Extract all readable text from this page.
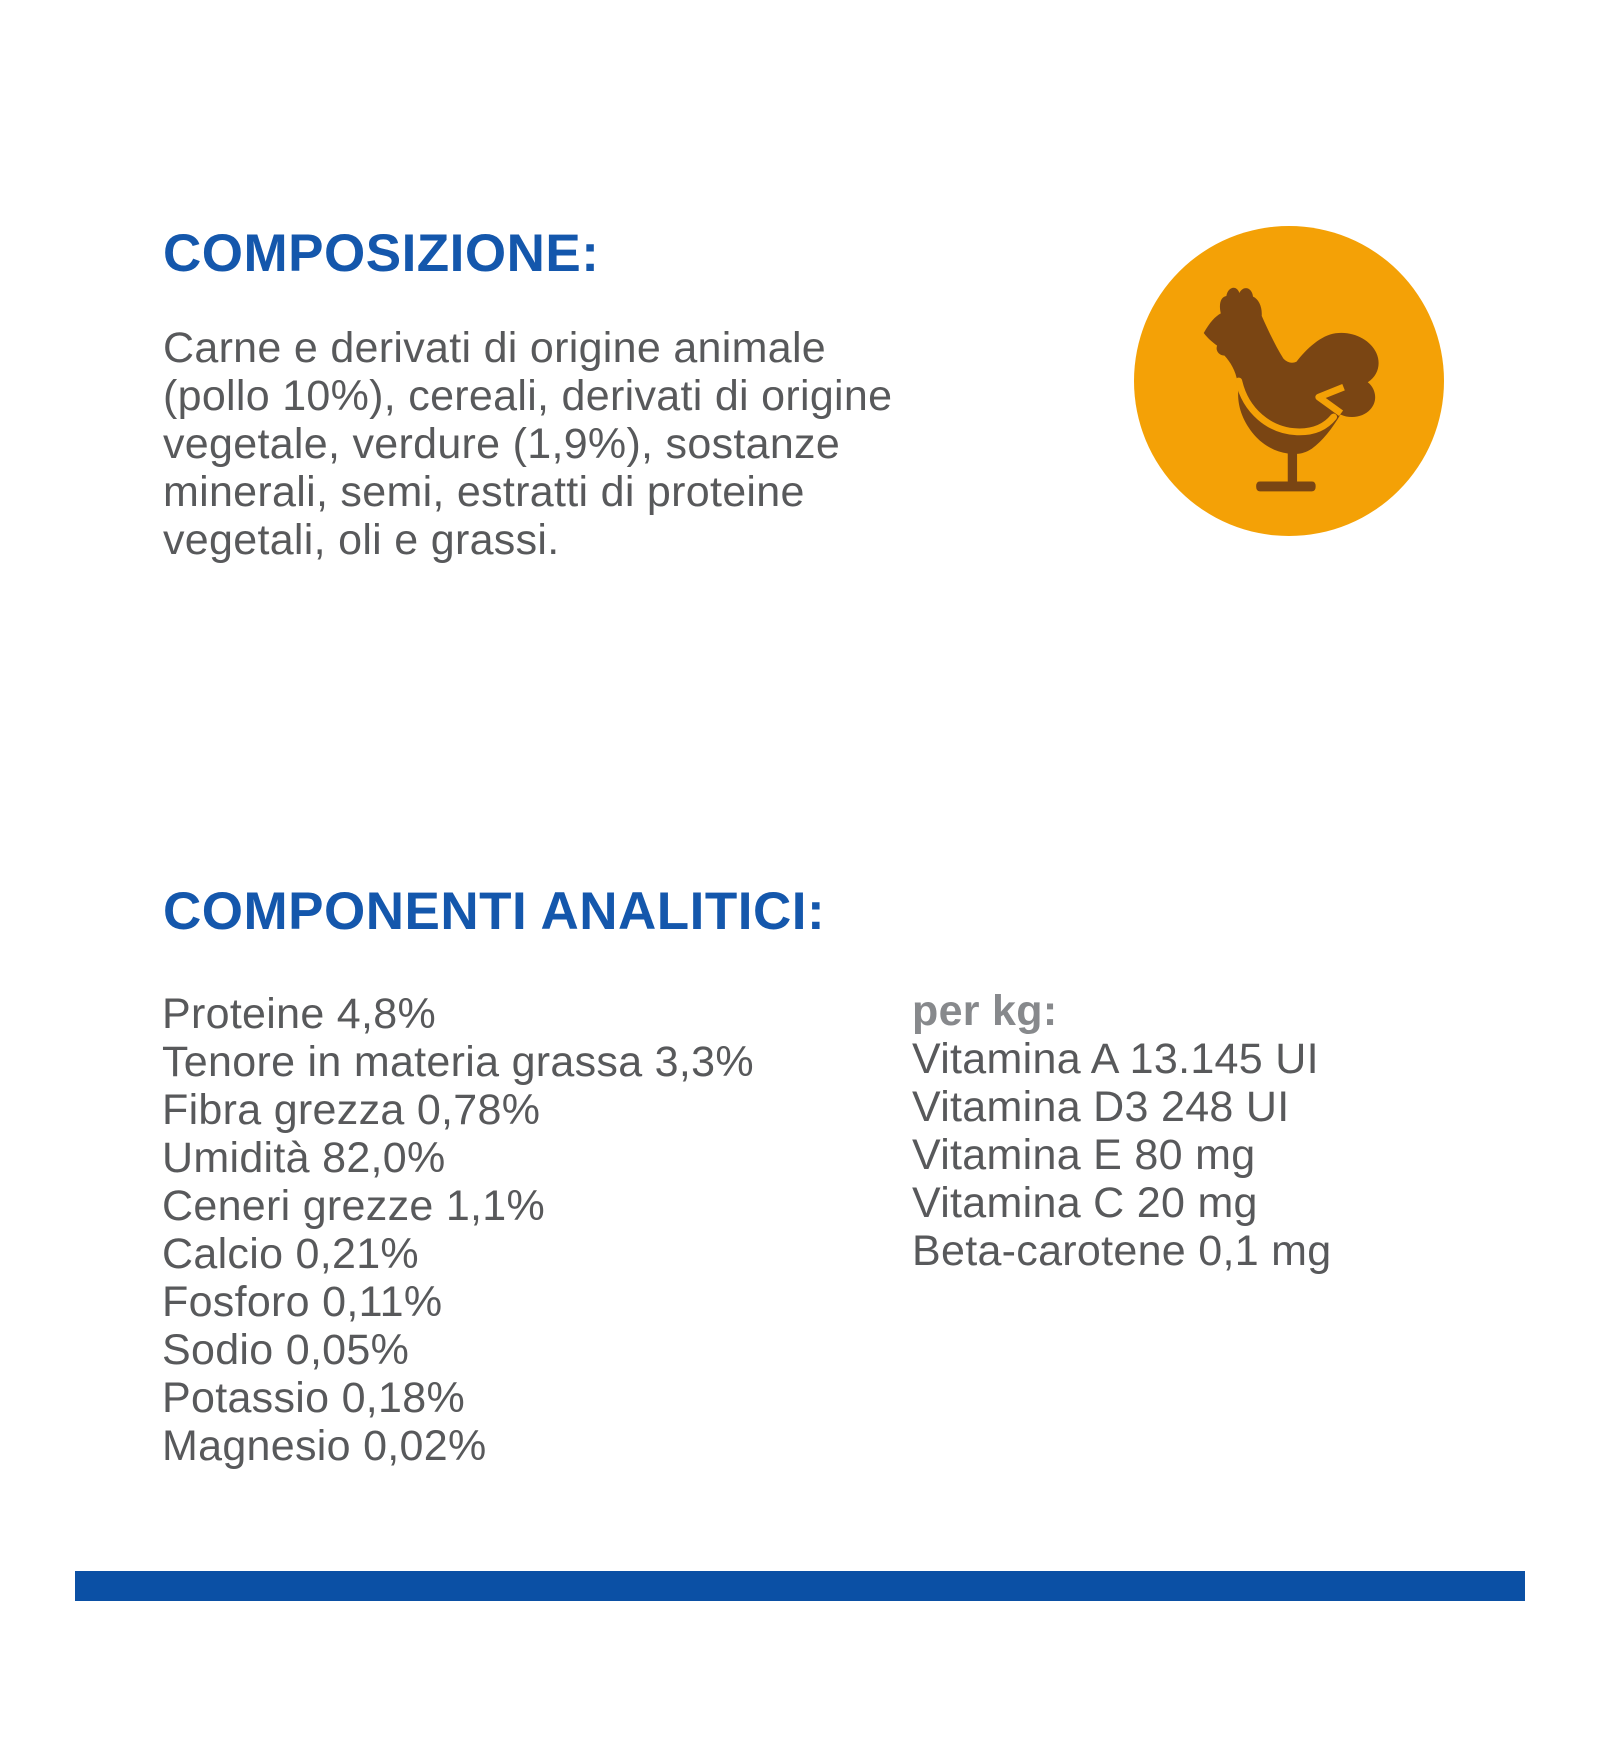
COMPOSIZIONE:
Carne e derivati di origine animale
(pollo 10%), cereali, derivati di origine
vegetale, verdure (1,9%), sostanze
minerali, semi, estratti di proteine
vegetali, oli e grassi.
COMPONENTI ANALITICI:
Proteine 4,8%
Tenore in materia grassa 3,3%
Fibra grezza 0,78%
Umidità 82,0%
Ceneri grezze 1,1%
Calcio 0,21%
Fosforo 0,11%
Sodio 0,05%
Potassio 0,18%
Magnesio 0,02%
per kg:
Vitamina A 13.145 UI
Vitamina D3 248 UI
Vitamina E 80 mg
Vitamina C 20 mg
Beta-carotene 0,1 mg
